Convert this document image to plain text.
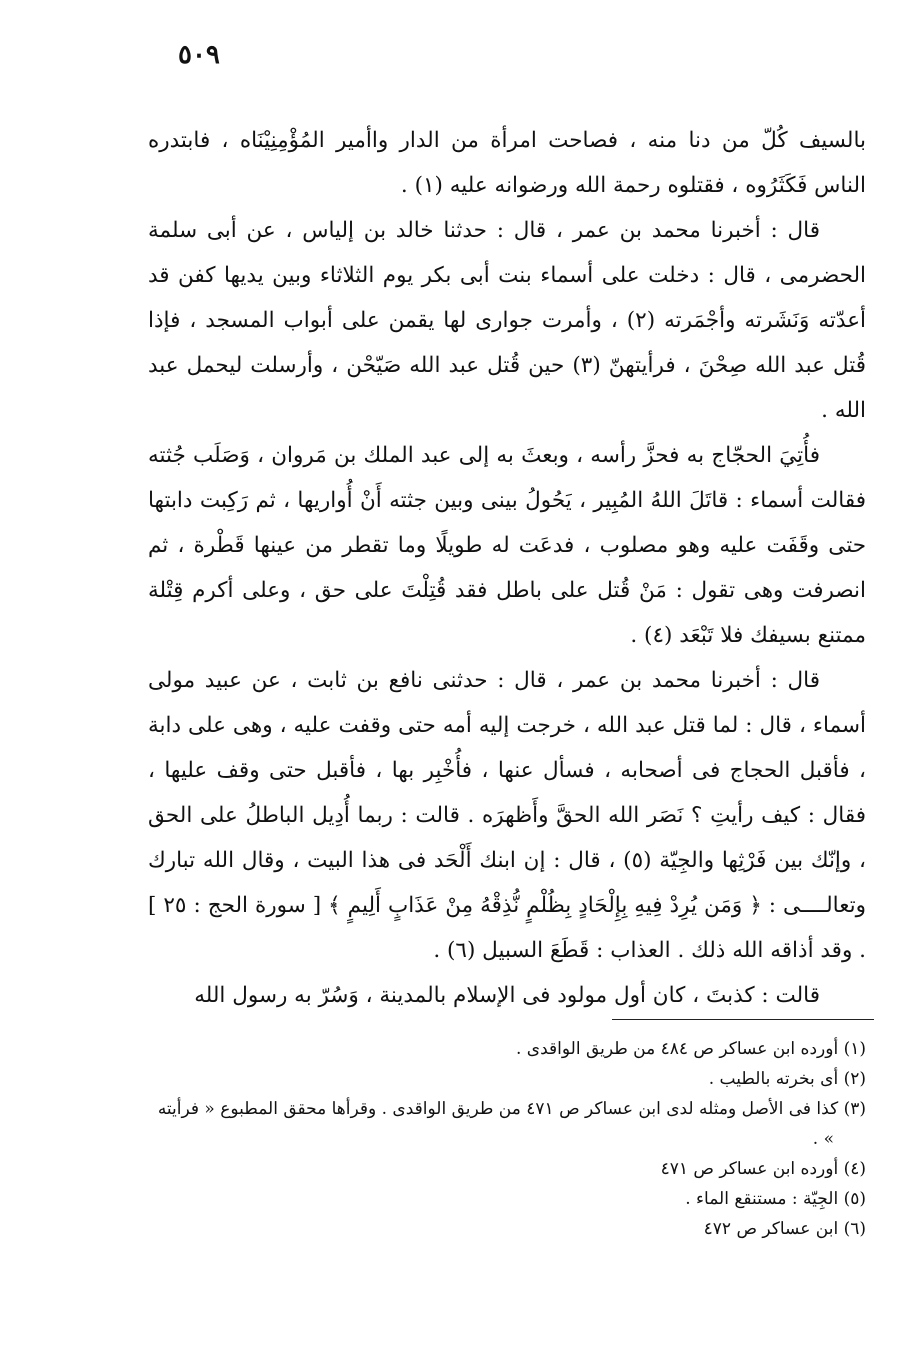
٥٠٩

بالسيف كُلّ من دنا منه ، فصاحت امرأة من الدار واأمير المُؤْمِنِيْنَاه ، فابتدره الناس فَكَثَرُوه ، فقتلوه رحمة الله ورضوانه عليه (١) .

قال : أخبرنا محمد بن عمر ، قال : حدثنا خالد بن إلياس ، عن أبى سلمة الحضرمى ، قال : دخلت على أسماء بنت أبى بكر يوم الثلاثاء وبين يديها كفن قد أعدّته وَنَشَرته وأجْمَرته (٢) ، وأمرت جوارى لها يقمن على أبواب المسجد ، فإذا قُتل عبد الله صِحْنَ ، فرأيتهنّ (٣) حين قُتل عبد الله صَيّحْن ، وأرسلت ليحمل عبد الله .

فأُتِيَ الحجّاج به فحزَّ رأسه ، وبعثَ به إلى عبد الملك بن مَروان ، وَصَلَب جُثته فقالت أسماء : قاتَلَ اللهُ المُبِير ، يَحُولُ بينى وبين جثته أَنْ أُواريها ، ثم رَكِبت دابتها حتى وقَفَت عليه وهو مصلوب ، فدعَت له طويلًا وما تقطر من عينها قَطْرة ، ثم انصرفت وهى تقول : مَنْ قُتل على باطل فقد قُتِلْتَ على حق ، وعلى أكرم قِتْلة ممتنع بسيفك فلا تَبْعَد (٤) .

قال : أخبرنا محمد بن عمر ، قال : حدثنى نافع بن ثابت ، عن عبيد مولى أسماء ، قال : لما قتل عبد الله ، خرجت إليه أمه حتى وقفت عليه ، وهى على دابة ، فأقبل الحجاج فى أصحابه ، فسأل عنها ، فأُخْبِر بها ، فأقبل حتى وقف عليها ، فقال : كيف رأيتِ ؟ نَصَر الله الحقَّ وأَظهرَه . قالت : ربما أُدِيل الباطلُ على الحق ، وإنّك بين فَرْثِها والجِيّة (٥) ، قال : إن ابنك أَلْحَد فى هذا البيت ، وقال الله تبارك وتعالــــى : ﴿ وَمَن يُرِدْ فِيهِ بِإِلْحَادٍ بِظُلْمٍ نُّذِقْهُ مِنْ عَذَابٍ أَلِيمٍ ﴾ [ سورة الحج : ٢٥ ] . وقد أذاقه الله ذلك . العذاب : قَطَعَ السبيل (٦) .

قالت : كذبتَ ، كان أول مولود فى الإسلام بالمدينة ، وَسُرّ به رسول الله

(١) أورده ابن عساكر ص ٤٨٤ من طريق الواقدى .

(٢) أى بخرته بالطيب .

(٣) كذا فى الأصل ومثله لدى ابن عساكر ص ٤٧١ من طريق الواقدى . وقرأها محقق المطبوع « فرأيته » .

(٤) أورده ابن عساكر ص ٤٧١

(٥) الجِيّة : مستنقع الماء .

(٦) ابن عساكر ص ٤٧٢
